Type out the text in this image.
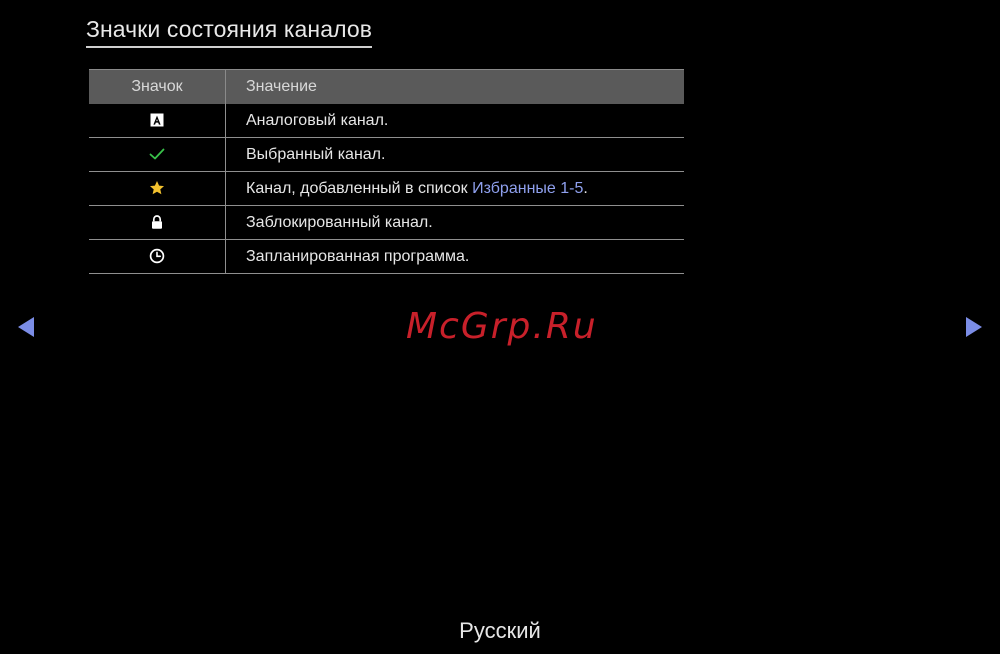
Значки состояния каналов
Значок	Значение

	Аналоговый канал.

	Выбранный канал.

	Канал, добавленный в список Избранные 1-5.

	Заблокированный канал.

	Запланированная программа.
McGrp.Ru
Русский
